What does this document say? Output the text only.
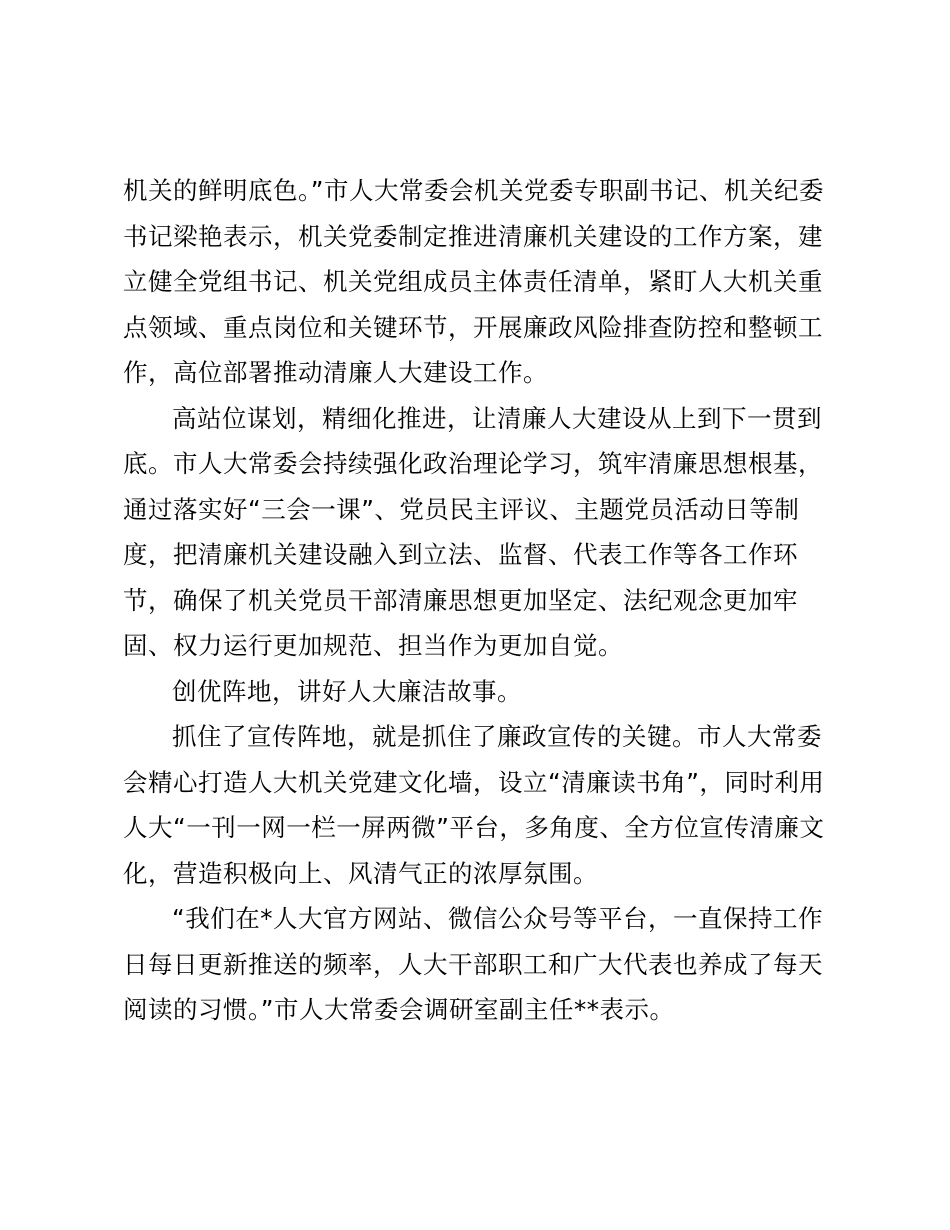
机关的鲜明底色。”市人大常委会机关党委专职副书记、机关纪委
书记梁艳表示，机关党委制定推进清廉机关建设的工作方案，建
立健全党组书记、机关党组成员主体责任清单，紧盯人大机关重
点领域、重点岗位和关键环节，开展廉政风险排查防控和整顿工
作，高位部署推动清廉人大建设工作。

高站位谋划，精细化推进，让清廉人大建设从上到下一贯到
底。市人大常委会持续强化政治理论学习，筑牢清廉思想根基，
通过落实好“三会一课”、党员民主评议、主题党员活动日等制
度，把清廉机关建设融入到立法、监督、代表工作等各工作环
节，确保了机关党员干部清廉思想更加坚定、法纪观念更加牢
固、权力运行更加规范、担当作为更加自觉。

创优阵地，讲好人大廉洁故事。

抓住了宣传阵地，就是抓住了廉政宣传的关键。市人大常委
会精心打造人大机关党建文化墙，设立“清廉读书角”，同时利用
人大“一刊一网一栏一屏两微”平台，多角度、全方位宣传清廉文
化，营造积极向上、风清气正的浓厚氛围。

“我们在*人大官方网站、微信公众号等平台，一直保持工作
日每日更新推送的频率，人大干部职工和广大代表也养成了每天
阅读的习惯。”市人大常委会调研室副主任**表示。
